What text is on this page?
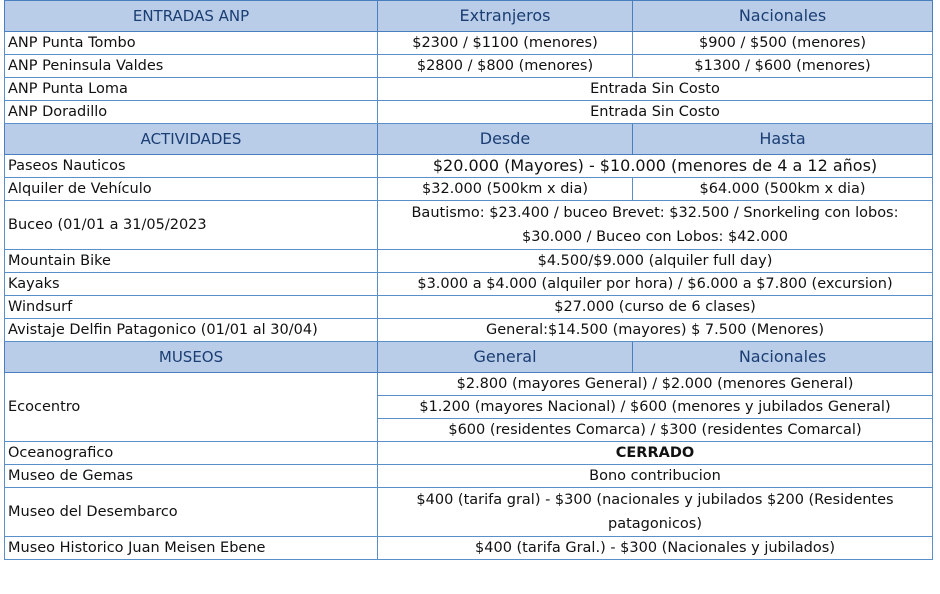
ENTRADAS ANP	Extranjeros	Nacionales
ANP Punta Tombo	$2300 / $1100 (menores)	$900 / $500 (menores)
ANP Peninsula Valdes	$2800 / $800 (menores)	$1300 / $600 (menores)
ANP Punta Loma	Entrada Sin Costo	
ANP Doradillo	Entrada Sin Costo	
ACTIVIDADES	Desde	Hasta
Paseos Nauticos	$20.000 (Mayores) - $10.000 (menores de 4 a 12 años)	
Alquiler de Vehículo	$32.000 (500km x dia)	$64.000 (500km x dia)
Buceo (01/01 a 31/05/2023	Bautismo: $23.400 / buceo Brevet: $32.500 / Snorkeling con lobos: $30.000 / Buceo con Lobos: $42.000	
Mountain Bike	$4.500/$9.000 (alquiler full day)	
Kayaks	$3.000 a $4.000 (alquiler por hora) / $6.000 a $7.800 (excursion)	
Windsurf	$27.000 (curso de 6 clases)	
Avistaje Delfin Patagonico (01/01 al 30/04)	General:$14.500 (mayores) $ 7.500 (Menores)	
MUSEOS	General	Nacionales
Ecocentro	$2.800 (mayores General) / $2.000 (menores General)	
	$1.200 (mayores Nacional) / $600 (menores y jubilados General)	
	$600 (residentes Comarca) / $300 (residentes Comarcal)	
Oceanografico	CERRADO	
Museo de Gemas	Bono contribucion	
Museo del Desembarco	$400 (tarifa gral) - $300 (nacionales y jubilados $200 (Residentes patagonicos)	
Museo Historico Juan Meisen Ebene	$400 (tarifa Gral.) - $300 (Nacionales y jubilados)	
